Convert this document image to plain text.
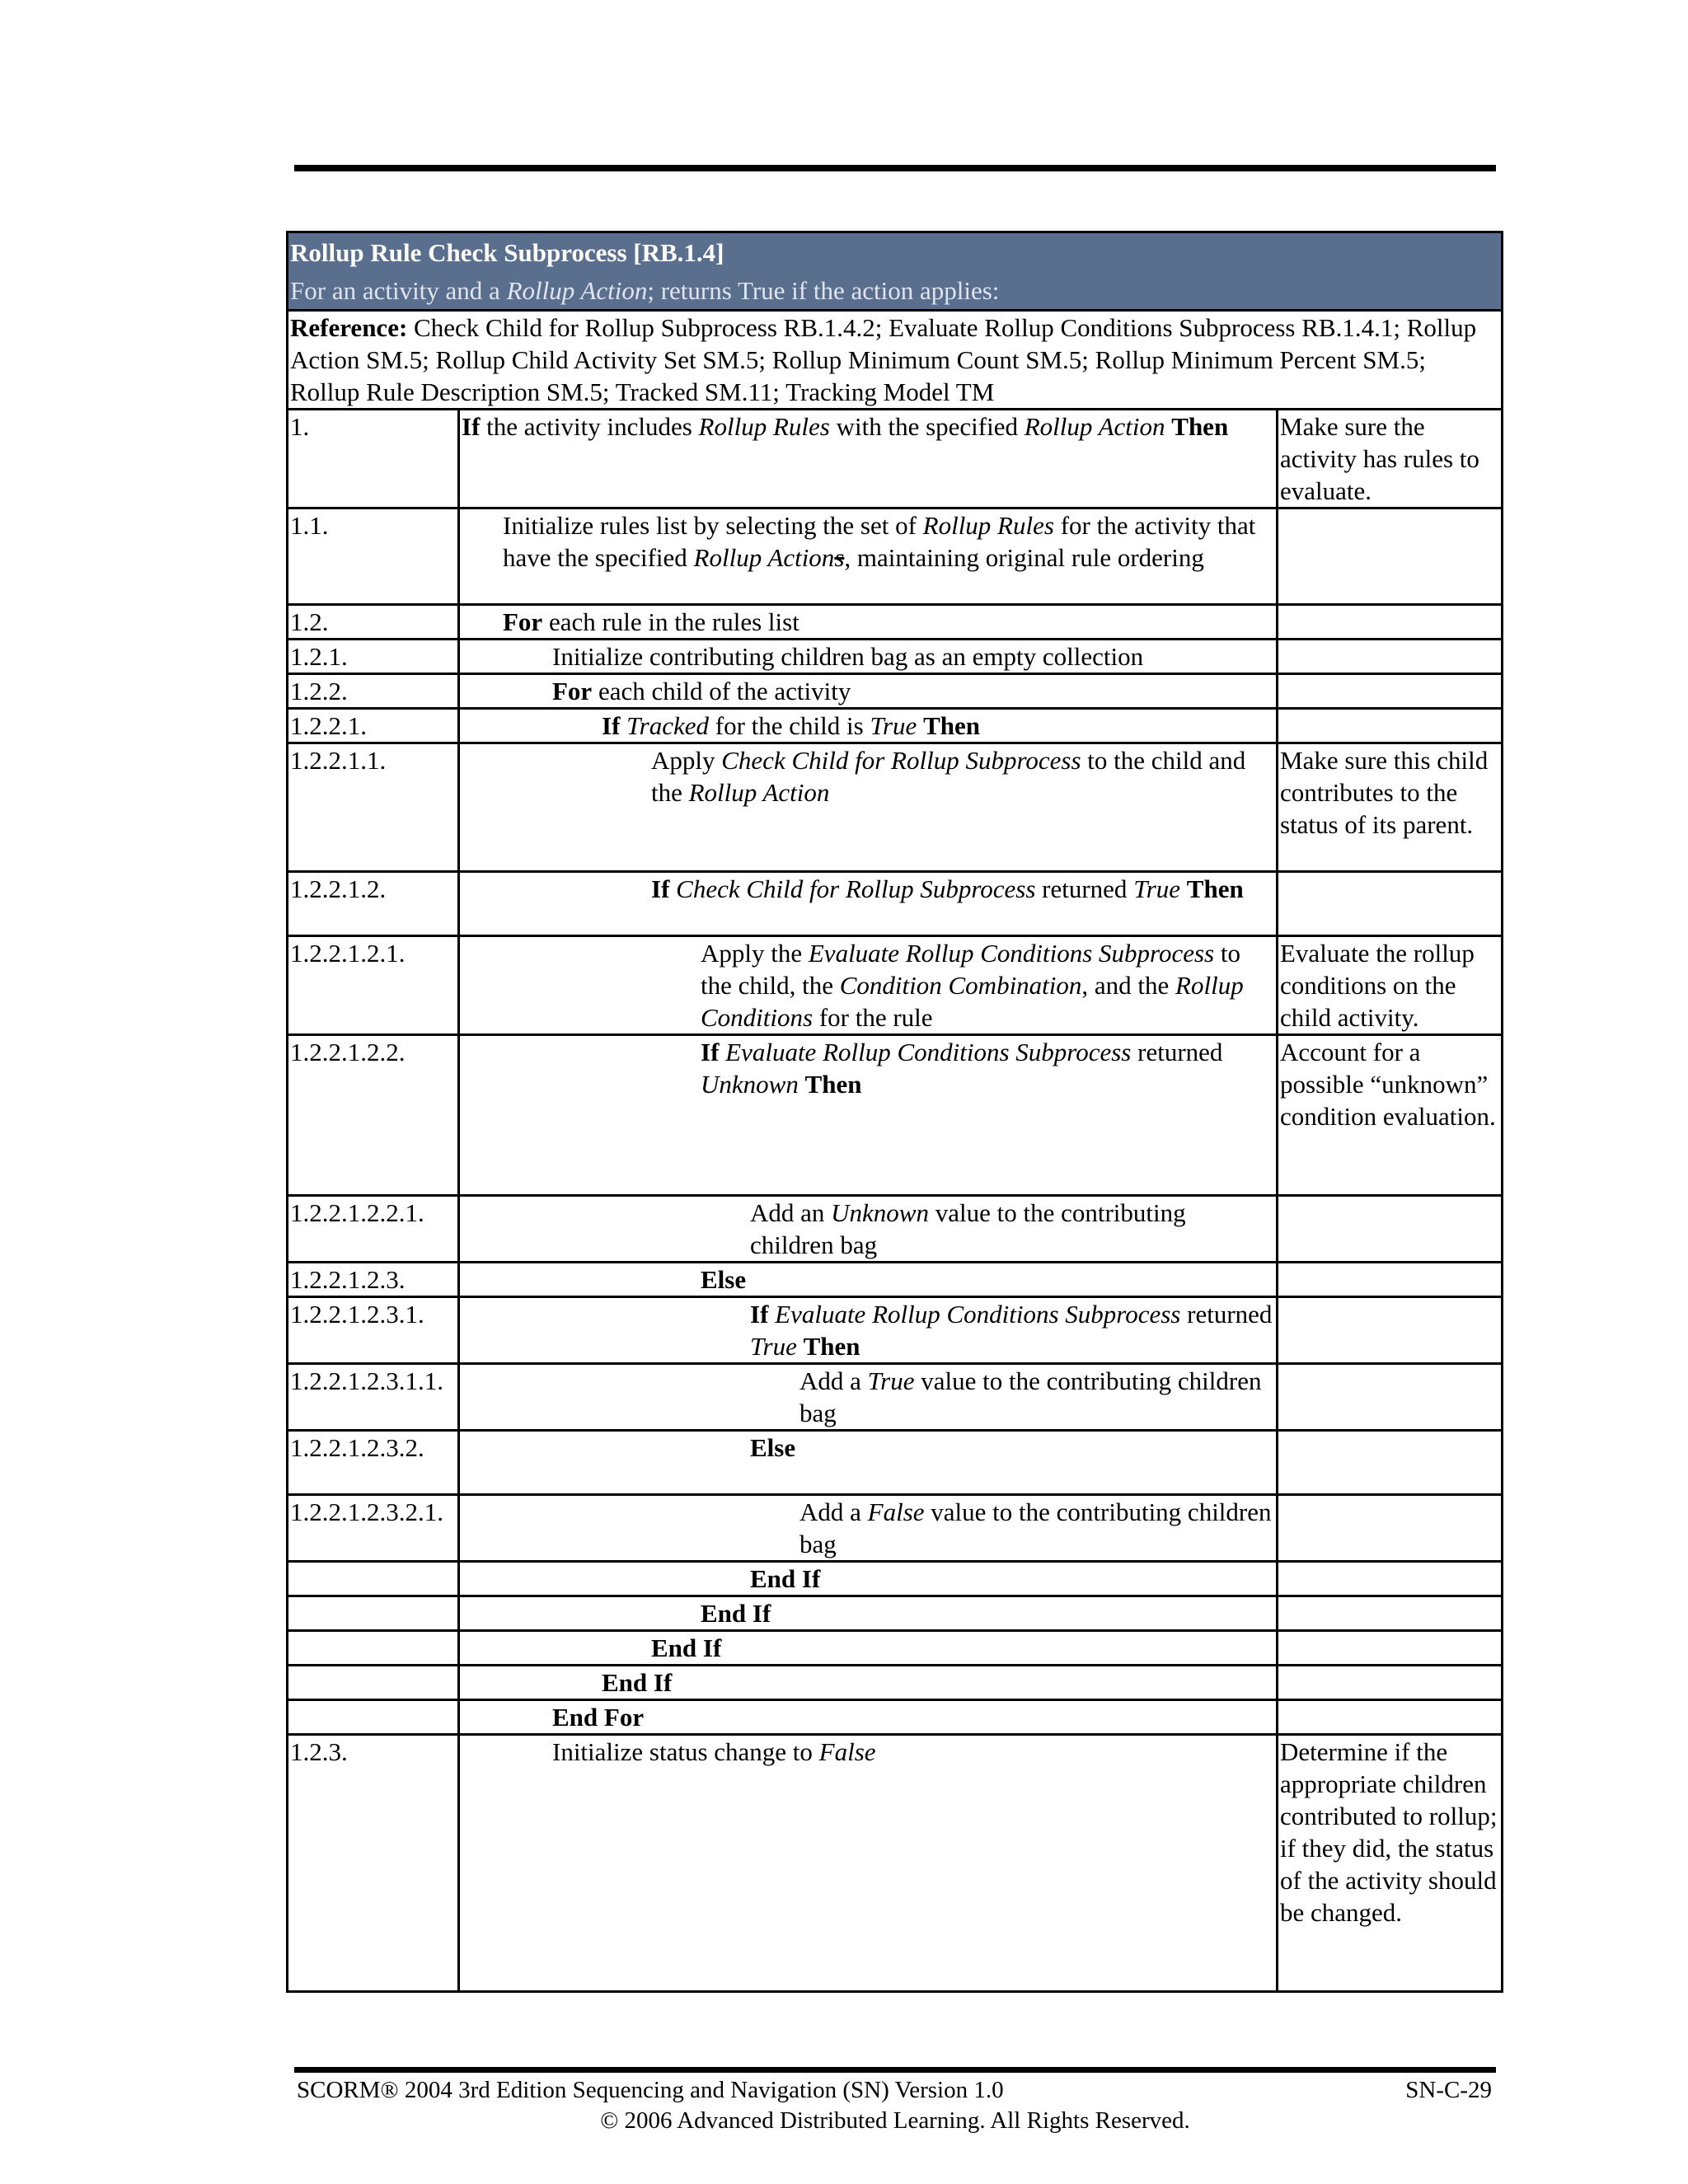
Rollup Rule Check Subprocess [RB.1.4]
For an activity and a Rollup Action; returns True if the action applies:		

Reference: Check Child for Rollup Subprocess RB.1.4.2; Evaluate Rollup Conditions Subprocess RB.1.4.1; Rollup Action SM.5; Rollup Child Activity Set SM.5; Rollup Minimum Count SM.5; Rollup Minimum Percent SM.5; Rollup Rule Description SM.5; Tracked SM.11; Tracking Model TM		
1.	If the activity includes Rollup Rules with the specified Rollup Action Then	Make sure the activity has rules to evaluate.
1.1.	Initialize rules list by selecting the set of Rollup Rules for the activity that have the specified Rollup Actions, maintaining original rule ordering	
1.2.	For each rule in the rules list	
1.2.1.	Initialize contributing children bag as an empty collection	
1.2.2.	For each child of the activity	
1.2.2.1.	If Tracked for the child is True Then	
1.2.2.1.1.	Apply Check Child for Rollup Subprocess to the child and the Rollup Action	Make sure this child contributes to the status of its parent.
1.2.2.1.2.	If Check Child for Rollup Subprocess returned True Then	
1.2.2.1.2.1.	Apply the Evaluate Rollup Conditions Subprocess to the child, the Condition Combination, and the Rollup Conditions for the rule	Evaluate the rollup conditions on the child activity.
1.2.2.1.2.2.	If Evaluate Rollup Conditions Subprocess returned Unknown Then	Account for a possible “unknown” condition evaluation.
1.2.2.1.2.2.1.	Add an Unknown value to the contributing children bag	
1.2.2.1.2.3.	Else	
1.2.2.1.2.3.1.	If Evaluate Rollup Conditions Subprocess returned True Then	
1.2.2.1.2.3.1.1.	Add a True value to the contributing children bag	
1.2.2.1.2.3.2.	Else	
1.2.2.1.2.3.2.1.	Add a False value to the contributing children bag	
	End If	
	End If	
	End If	
	End If	
	End For	
1.2.3.	Initialize status change to False	Determine if the appropriate children contributed to rollup; if they did, the status of the activity should be changed.
SCORM® 2004 3rd Edition Sequencing and Navigation (SN) Version 1.0	SN-C-29
© 2006 Advanced Distributed Learning. All Rights Reserved.
